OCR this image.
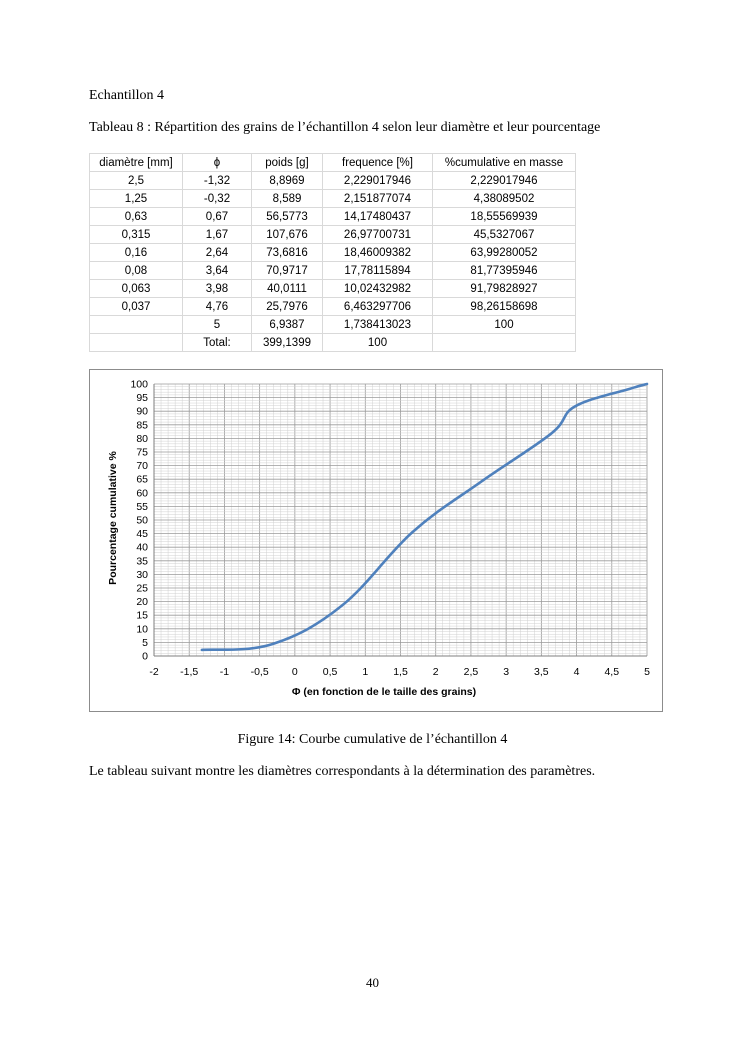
Echantillon 4
Tableau 8 : Répartition des grains de l’échantillon 4 selon leur diamètre et leur pourcentage
diamètre [mm]	ϕ	poids [g]	frequence [%]	%cumulative en masse
2,5	-1,32	8,8969	2,229017946	2,229017946
1,25	-0,32	8,589	2,151877074	4,38089502
0,63	0,67	56,5773	14,17480437	18,55569939
0,315	1,67	107,676	26,97700731	45,5327067
0,16	2,64	73,6816	18,46009382	63,99280052
0,08	3,64	70,9717	17,78115894	81,77395946
0,063	3,98	40,0111	10,02432982	91,79828927
0,037	4,76	25,7976	6,463297706	98,26158698
	5	6,9387	1,738413023	100
	Total:	399,1399	100	
-2 -1,5 -1 -0,5 0 0,5 1 1,5 2 2,5 3 3,5 4 4,5 5
0
5
10
15
20
25
30
35
40
45
50
55
60
65
70
75
80
85
90
95
100
Φ (en fonction de le taille des grains)
Pourcentage cumulative %
Figure 14: Courbe cumulative de l’échantillon 4
Le tableau suivant montre les diamètres correspondants à la détermination des paramètres.
40
